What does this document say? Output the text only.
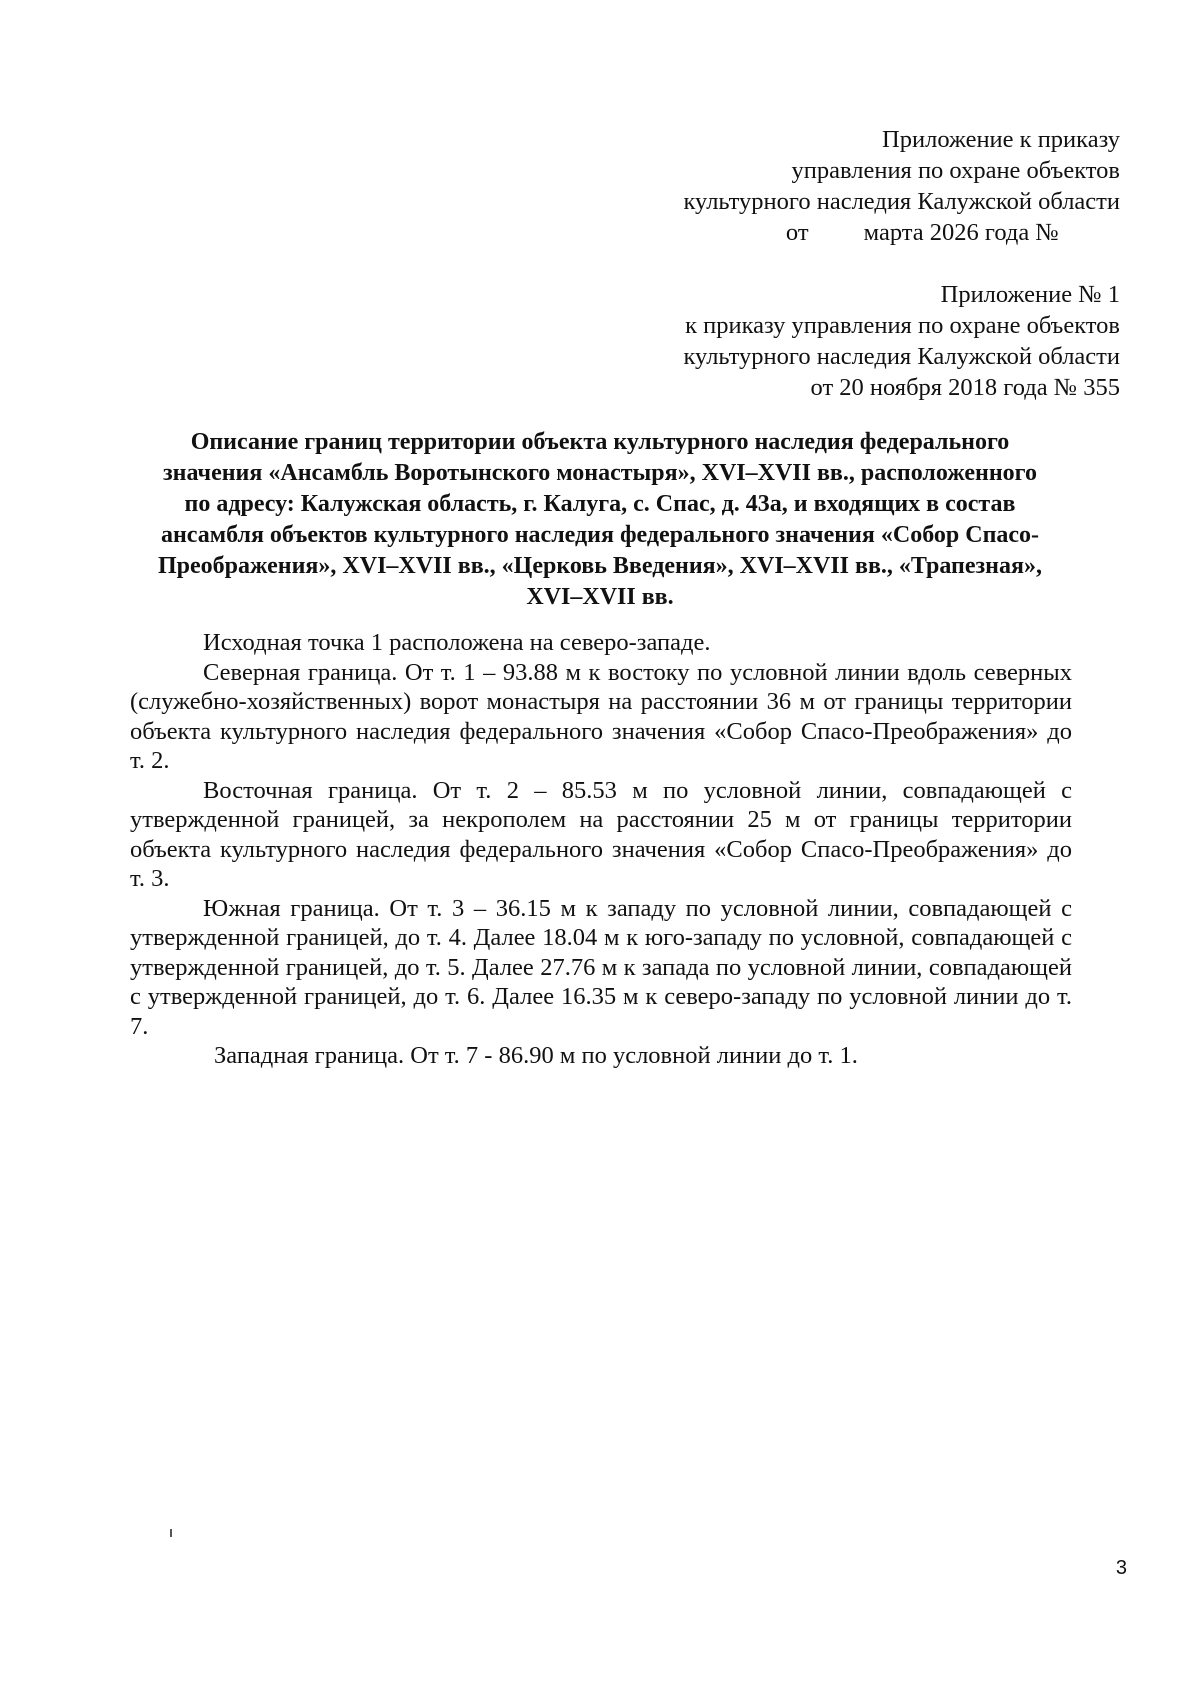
Приложение к приказу
управления по охране объектов
культурного наследия Калужской области
от         марта 2026 года №
Приложение № 1
к приказу управления по охране объектов
культурного наследия Калужской области
от 20 ноября 2018 года № 355
Описание границ территории объекта культурного наследия федерального
значения «Ансамбль Воротынского монастыря», XVI–XVII вв., расположенного
по адресу: Калужская область, г. Калуга, с. Спас, д. 43а, и входящих в состав
ансамбля объектов культурного наследия федерального значения «Собор Спасо-
Преображения», XVI–XVII вв., «Церковь Введения», XVI–XVII вв., «Трапезная»,
XVI–XVII вв.

Исходная точка 1 расположена на северо-западе.

Северная граница. От т. 1 – 93.88 м к востоку по условной линии вдоль северных (служебно-хозяйственных) ворот монастыря на расстоянии 36 м от границы территории объекта культурного наследия федерального значения «Собор Спасо-Преображения» до т. 2.

Восточная граница. От т. 2 – 85.53 м по условной линии, совпадающей с утвержденной границей, за некрополем на расстоянии 25 м от границы территории объекта культурного наследия федерального значения «Собор Спасо-Преображения» до т. 3.

Южная граница. От т. 3 – 36.15 м к западу по условной линии, совпадающей с утвержденной границей, до т. 4. Далее 18.04 м к юго-западу по условной, совпадающей с утвержденной границей, до т. 5. Далее 27.76 м к запада по условной линии, совпадающей с утвержденной границей, до т. 6. Далее 16.35 м к северо-западу по условной линии до т. 7.

Западная граница. От т. 7 - 86.90 м по условной линии до т. 1.

3
